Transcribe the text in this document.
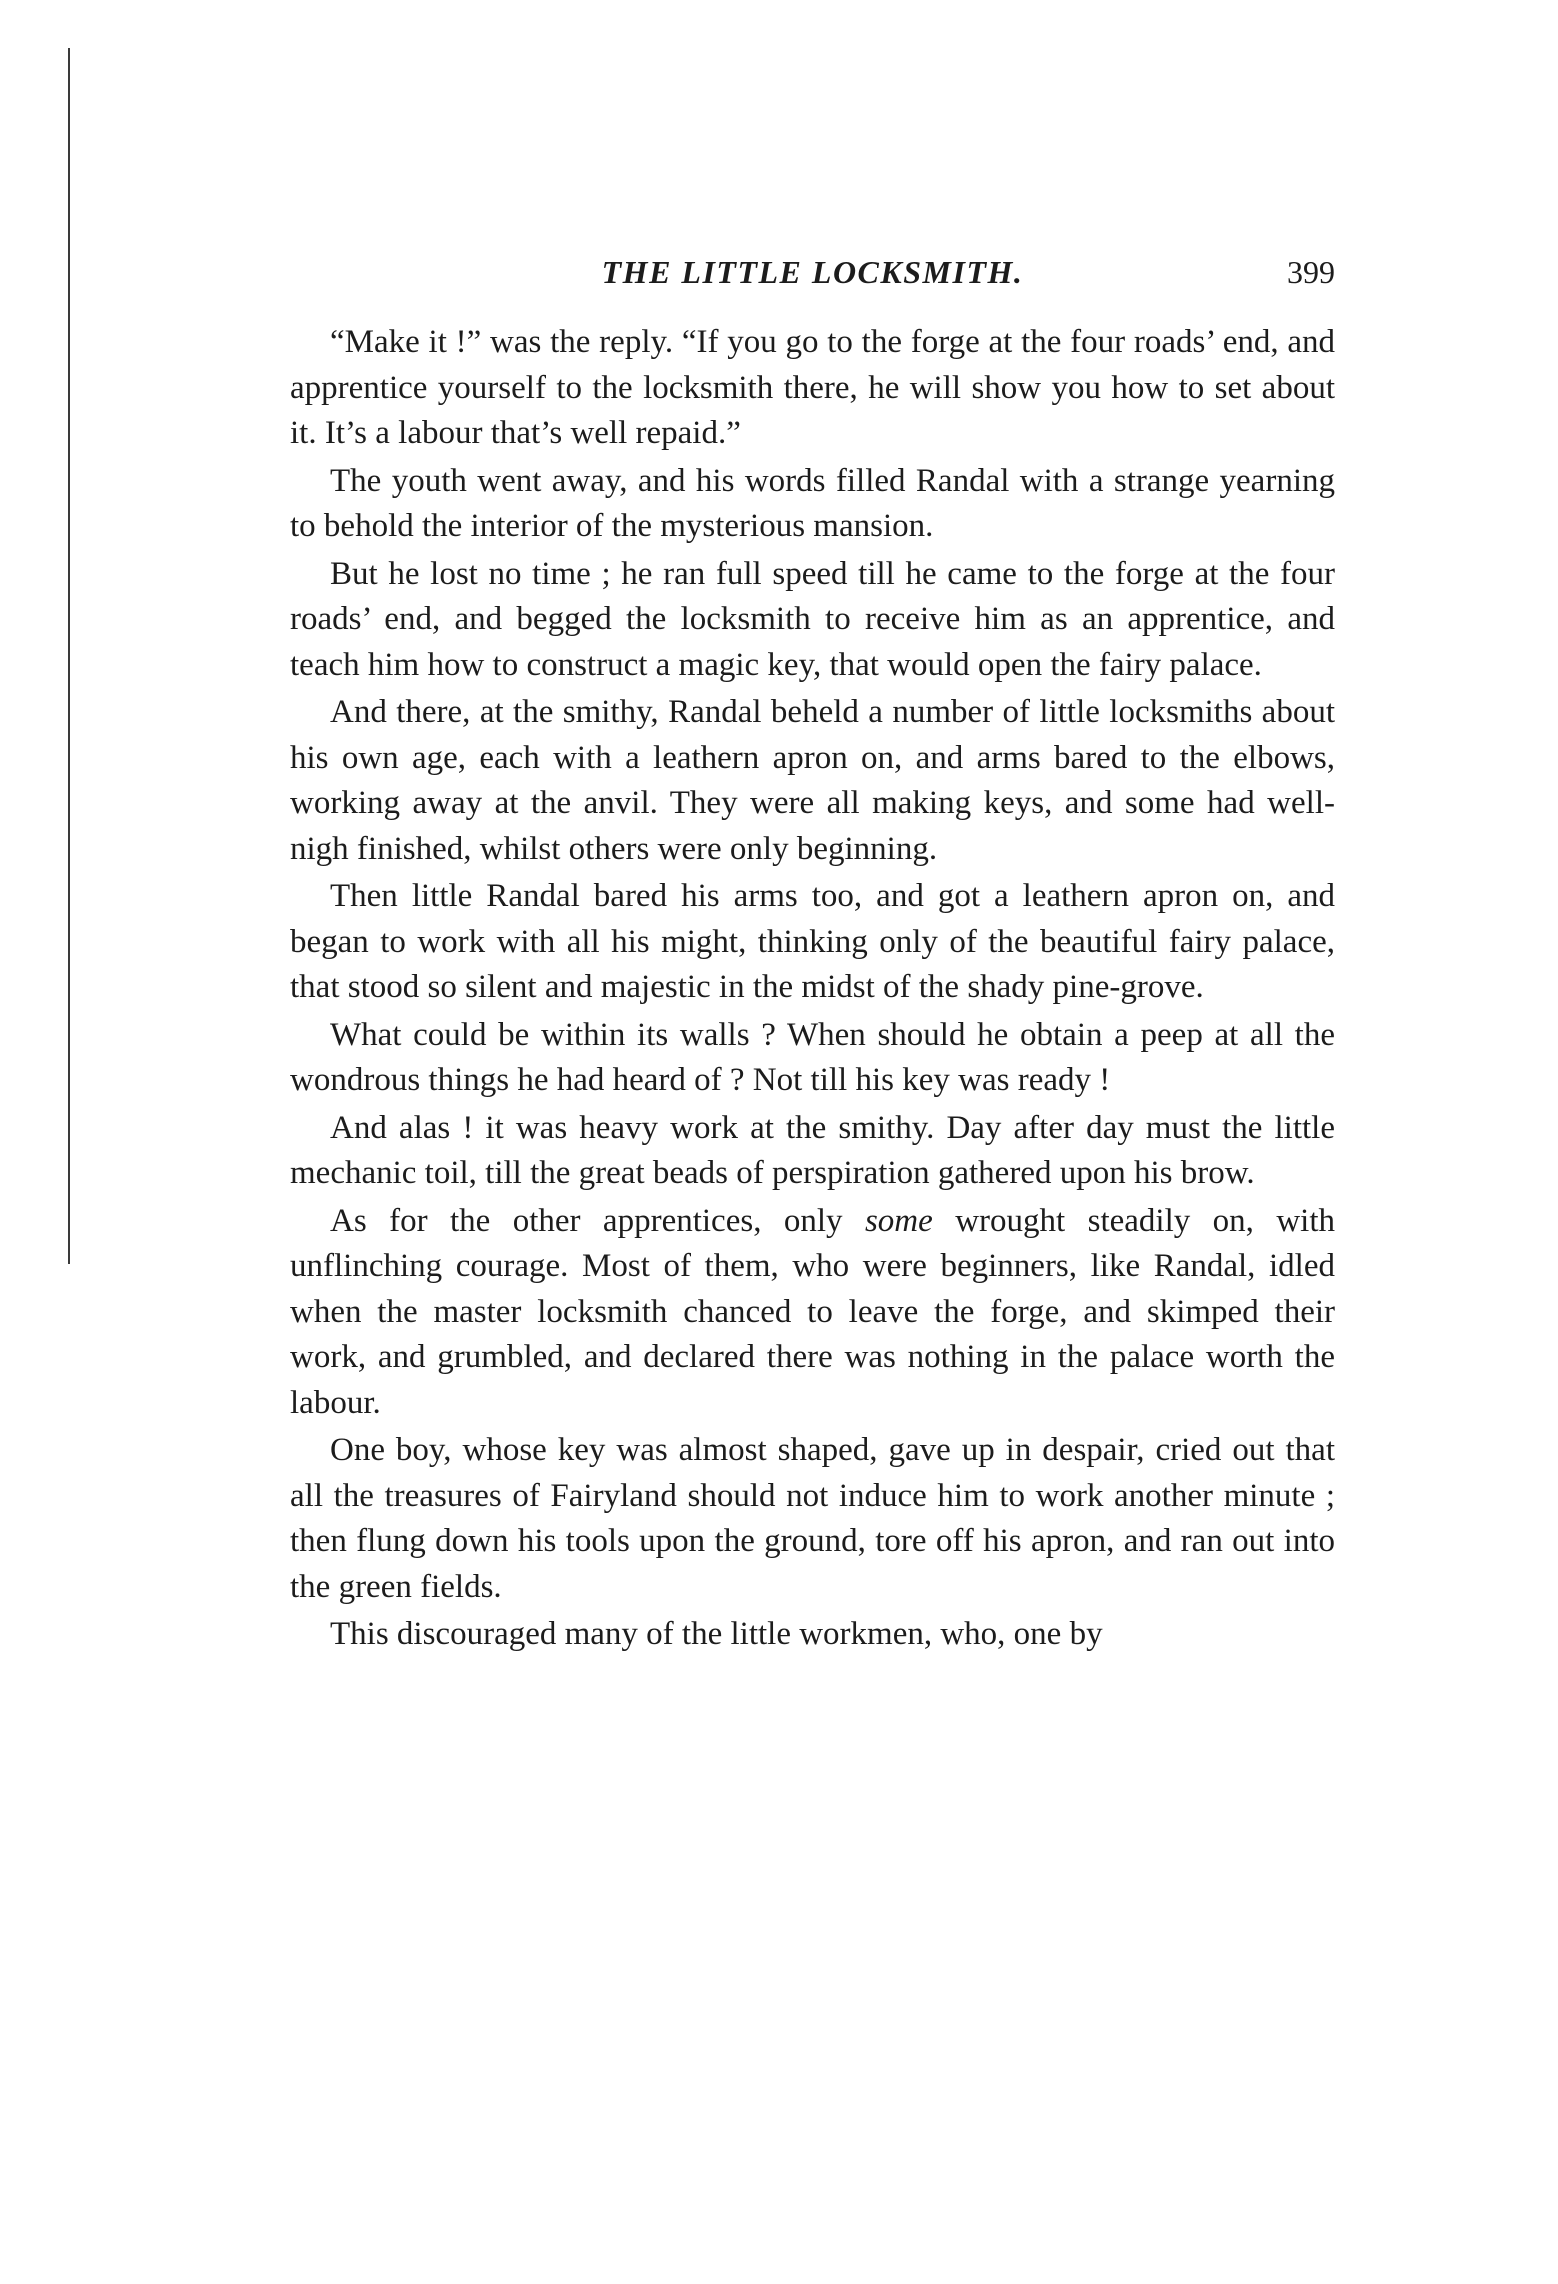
THE LITTLE LOCKSMITH.	399

“Make it !” was the reply. “If you go to the forge at the four roads’ end, and apprentice yourself to the locksmith there, he will show you how to set about it. It’s a labour that’s well repaid.”

The youth went away, and his words filled Randal with a strange yearning to behold the interior of the mysterious mansion.

But he lost no time ; he ran full speed till he came to the forge at the four roads’ end, and begged the locksmith to receive him as an apprentice, and teach him how to construct a magic key, that would open the fairy palace.

And there, at the smithy, Randal beheld a number of little locksmiths about his own age, each with a leathern apron on, and arms bared to the elbows, working away at the anvil. They were all making keys, and some had well-nigh finished, whilst others were only beginning.

Then little Randal bared his arms too, and got a leathern apron on, and began to work with all his might, thinking only of the beautiful fairy palace, that stood so silent and majestic in the midst of the shady pine-grove.

What could be within its walls ? When should he obtain a peep at all the wondrous things he had heard of ? Not till his key was ready !

And alas ! it was heavy work at the smithy. Day after day must the little mechanic toil, till the great beads of perspiration gathered upon his brow.

As for the other apprentices, only some wrought steadily on, with unflinching courage. Most of them, who were beginners, like Randal, idled when the master locksmith chanced to leave the forge, and skimped their work, and grumbled, and declared there was nothing in the palace worth the labour.

One boy, whose key was almost shaped, gave up in despair, cried out that all the treasures of Fairyland should not induce him to work another minute ; then flung down his tools upon the ground, tore off his apron, and ran out into the green fields.

This discouraged many of the little workmen, who, one by
